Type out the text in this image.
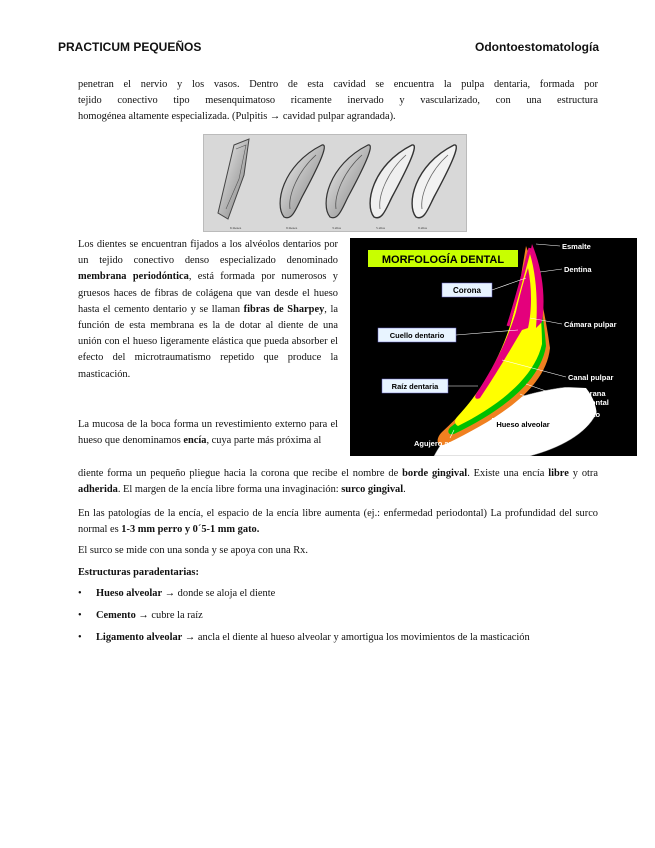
PRACTICUM PEQUEÑOS	Odontoestomatología
penetran el nervio y los vasos. Dentro de esta cavidad se encuentra la pulpa dentaria, formada por
tejido conectivo tipo mesenquimatoso ricamente inervado y vascularizado, con una estructura
homogénea altamente especializada. (Pulpitis → cavidad pulpar agrandada).
6 meses	9 meses	3 años	5 años	9 años
MORFOLOGÍA DENTAL
Corona
Cuello dentario
Raíz dentaria
Esmalte
Dentina
Cámara pulpar
Canal pulpar
Membrana
periodontal
Cemento
Hueso alveolar
Agujero apical
Los dientes se encuentran fijados a los alvéolos dentarios por un tejido conectivo denso especializado denominado membrana periodóntica, está formada por numerosos y gruesos haces de fibras de colágena que van desde el hueso hasta el cemento dentario y se llaman fibras de Sharpey, la función de esta membrana es la de dotar al diente de una unión con el hueso ligeramente elástica que pueda absorber el efecto del microtraumatismo repetido que produce la masticación.
La mucosa de la boca forma un revestimiento externo para el hueso que denominamos encía, cuya parte más próxima al
diente forma un pequeño pliegue hacia la corona que recibe el nombre de borde gingival. Existe una encía libre y otra adherida. El margen de la encía libre forma una invaginación: surco gingival.
En las patologías de la encía, el espacio de la encía libre aumenta (ej.: enfermedad periodontal) La profundidad del surco normal es 1-3 mm perro y 0´5-1 mm gato.
El surco se mide con una sonda y se apoya con una Rx.
Estructuras paradentarias:
• Hueso alveolar → donde se aloja el diente
• Cemento → cubre la raíz
• Ligamento alveolar → ancla el diente al hueso alveolar y amortigua los movimientos de la masticación
